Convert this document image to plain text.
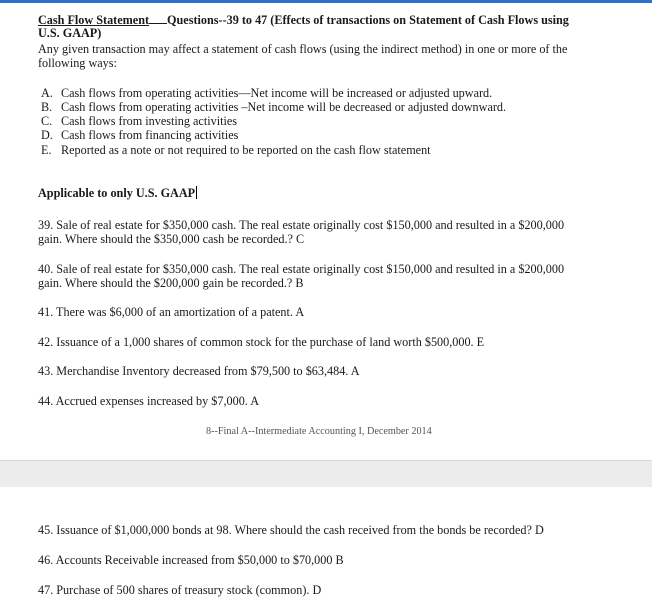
Cash Flow Statement Questions--39 to 47 (Effects of transactions on Statement of Cash Flows using
U.S. GAAP)
Any given transaction may affect a statement of cash flows (using the indirect method) in one or more of the
following ways:
A. Cash flows from operating activities—Net income will be increased or adjusted upward.
B. Cash flows from operating activities –Net income will be decreased or adjusted downward.
C. Cash flows from investing activities
D. Cash flows from financing activities
E. Reported as a note or not required to be reported on the cash flow statement
Applicable to only U.S. GAAP
39. Sale of real estate for $350,000 cash. The real estate originally cost $150,000 and resulted in a $200,000
gain. Where should the $350,000 cash be recorded.? C
40. Sale of real estate for $350,000 cash. The real estate originally cost $150,000 and resulted in a $200,000
gain. Where should the $200,000 gain be recorded.? B
41. There was $6,000 of an amortization of a patent. A
42. Issuance of a 1,000 shares of common stock for the purchase of land worth $500,000. E
43. Merchandise Inventory decreased from $79,500 to $63,484. A
44. Accrued expenses increased by $7,000. A
8--Final A--Intermediate Accounting I, December 2014
45. Issuance of $1,000,000 bonds at 98. Where should the cash received from the bonds be recorded? D
46. Accounts Receivable increased from $50,000 to $70,000 B
47. Purchase of 500 shares of treasury stock (common). D
